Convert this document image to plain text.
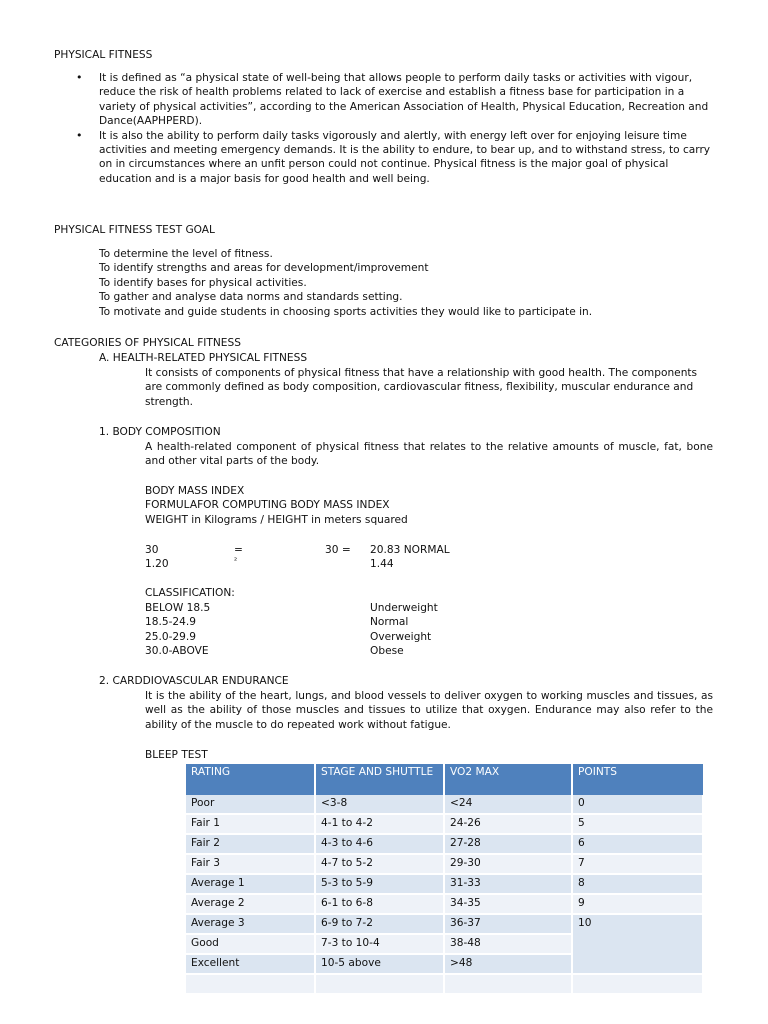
PHYSICAL FITNESS
• It is defined as “a physical state of well-being that allows people to perform daily tasks or activities with vigour, reduce the risk of health problems related to lack of exercise and establish a fitness base for participation in a variety of physical activities”, according to the American Association of Health, Physical Education, Recreation and Dance(AAPHPERD).
• It is also the ability to perform daily tasks vigorously and alertly, with energy left over for enjoying leisure time activities and meeting emergency demands. It is the ability to endure, to bear up, and to withstand stress, to carry on in circumstances where an unfit person could not continue. Physical fitness is the major goal of physical education and is a major basis for good health and well being.
PHYSICAL FITNESS TEST GOAL
To determine the level of fitness.
To identify strengths and areas for development/improvement
To identify bases for physical activities.
To gather and analyse data norms and standards setting.
To motivate and guide students in choosing sports activities they would like to participate in.
CATEGORIES OF PHYSICAL FITNESS
A. HEALTH-RELATED PHYSICAL FITNESS
It consists of components of physical fitness that have a relationship with good health. The components are commonly defined as body composition, cardiovascular fitness, flexibility, muscular endurance and strength.
1. BODY COMPOSITION
A health-related component of physical fitness that relates to the relative amounts of muscle, fat, bone and other vital parts of the body.
BODY MASS INDEX
FORMULAFOR COMPUTING BODY MASS INDEX
WEIGHT in Kilograms / HEIGHT in meters squared
30	=	30 = 20.83 NORMAL
1.20	²	1.44
CLASSIFICATION:
BELOW 18.5	Underweight
18.5-24.9	Normal
25.0-29.9	Overweight
30.0-ABOVE	Obese
2. CARDDIOVASCULAR ENDURANCE
It is the ability of the heart, lungs, and blood vessels to deliver oxygen to working muscles and tissues, as well as the ability of those muscles and tissues to utilize that oxygen. Endurance may also refer to the ability of the muscle to do repeated work without fatigue.
BLEEP TEST
RATING	STAGE AND SHUTTLE	VO2 MAX	POINTS
Poor	<3-8	<24	0
Fair 1	4-1 to 4-2	24-26	5
Fair 2	4-3 to 4-6	27-28	6
Fair 3	4-7 to 5-2	29-30	7
Average 1	5-3 to 5-9	31-33	8
Average 2	6-1 to 6-8	34-35	9
Average 3	6-9 to 7-2	36-37	10
Good	7-3 to 10-4	38-48	
Excellent	10-5 above	>48	
